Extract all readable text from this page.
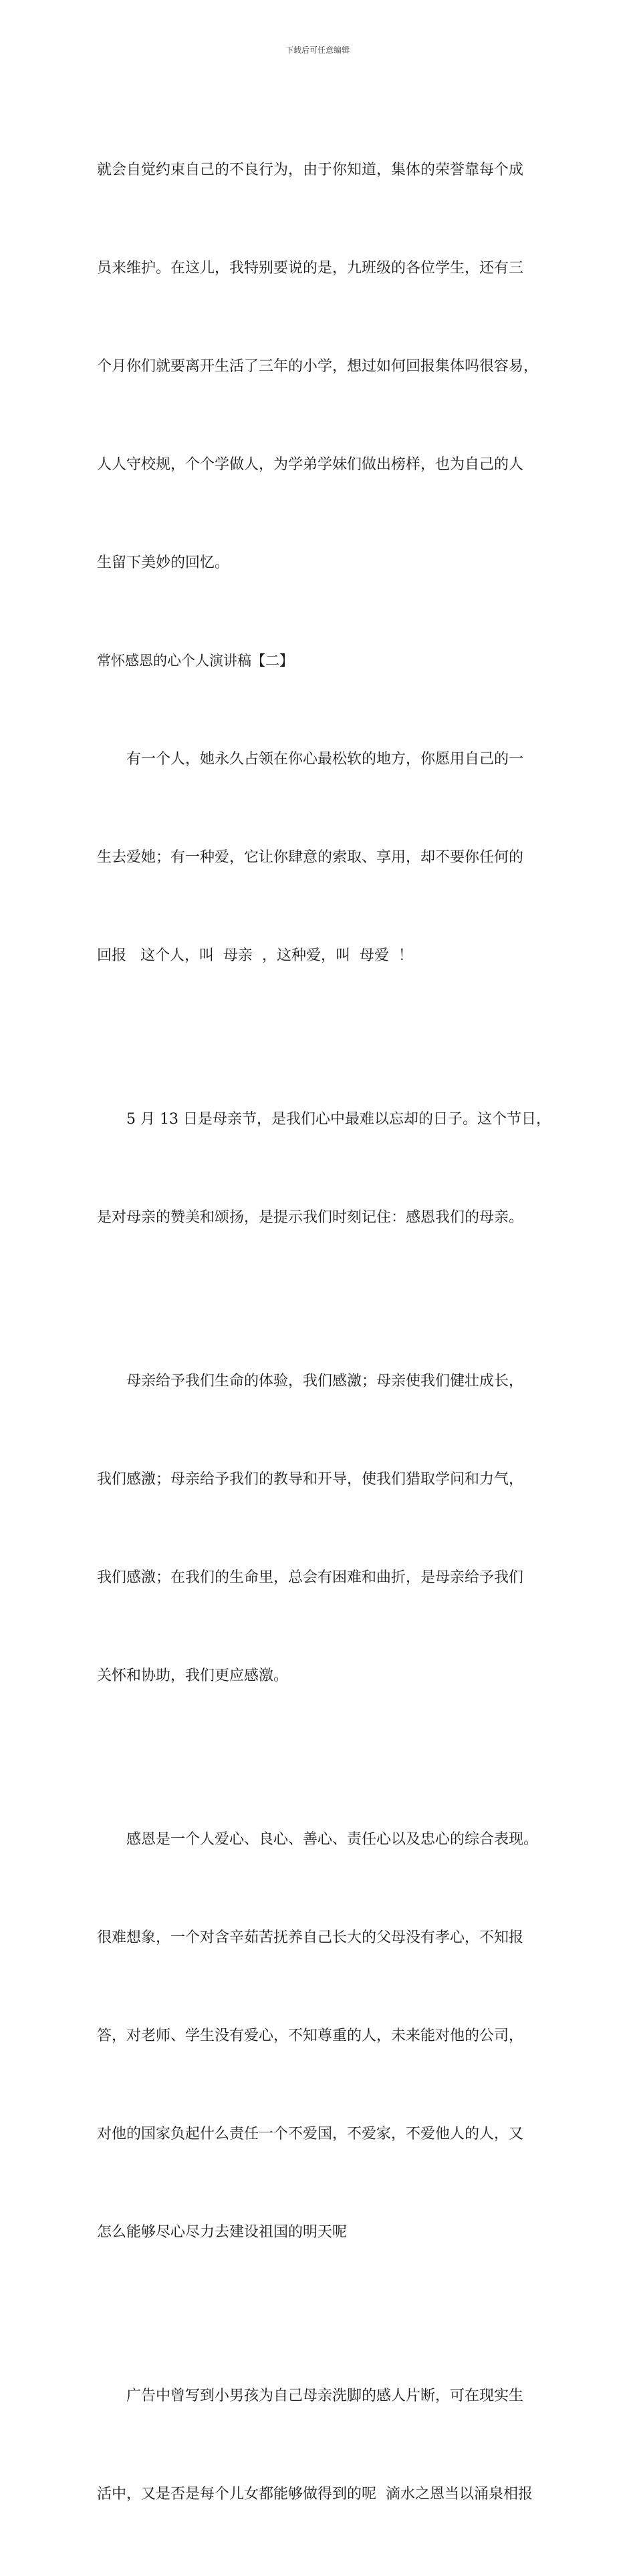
下载后可任意编辑

就会自觉约束自己的不良行为，由于你知道，集体的荣誉靠每个成

员来维护。在这儿，我特别要说的是，九班级的各位学生，还有三

个月你们就要离开生活了三年的小学，想过如何回报集体吗很容易，

人人守校规，个个学做人，为学弟学妹们做出榜样，也为自己的人

生留下美妙的回忆。

常怀感恩的心个人演讲稿【二】

有一个人，她永久占领在你心最松软的地方，你愿用自己的一

生去爱她；有一种爱，它让你肆意的索取、享用，却不要你任何的

回报   这个人，叫  母亲  ，这种爱，叫  母爱  ！

5 月 13 日是母亲节，是我们心中最难以忘却的日子。这个节日，

是对母亲的赞美和颂扬，是提示我们时刻记住：感恩我们的母亲。

母亲给予我们生命的体验，我们感激；母亲使我们健壮成长，

我们感激；母亲给予我们的教导和开导，使我们猎取学问和力气，

我们感激；在我们的生命里，总会有困难和曲折，是母亲给予我们

关怀和协助，我们更应感激。

感恩是一个人爱心、良心、善心、责任心以及忠心的综合表现。

很难想象，一个对含辛茹苦抚养自己长大的父母没有孝心，不知报

答，对老师、学生没有爱心，不知尊重的人，未来能对他的公司，

对他的国家负起什么责任一个不爱国，不爱家，不爱他人的人，又

怎么能够尽心尽力去建设祖国的明天呢

广告中曾写到小男孩为自己母亲洗脚的感人片断，可在现实生

活中，又是否是每个儿女都能够做得到的呢  滴水之恩当以涌泉相报
